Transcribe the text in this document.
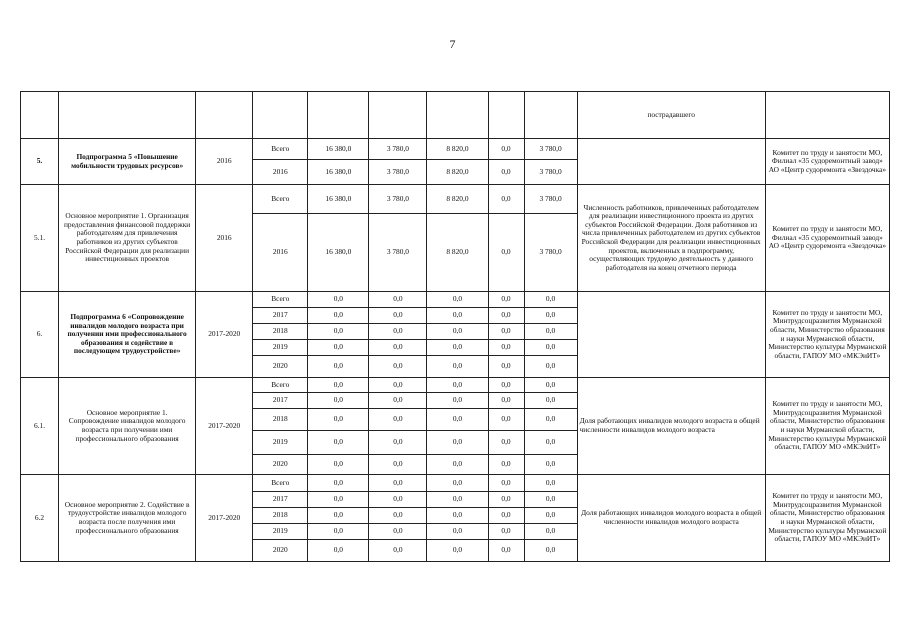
7
									пострадавшего	
5.	Подпрограмма 5 «Повышение мобильности трудовых ресурсов»	2016	Всего	16 380,0	3 780,0	8 820,0	0,0	3 780,0		Комитет по труду и занятости МО, Филиал «35 судоремонтный завод» АО «Центр судоремонта «Звездочка»
			2016	16 380,0	3 780,0	8 820,0	0,0	3 780,0		
5.1.	Основное мероприятие 1. Организация предоставления финансовой поддержки работодателям для привлечения работников из других субъектов Российской Федерации для реализации инвестиционных проектов	2016	Всего	16 380,0	3 780,0	8 820,0	0,0	3 780,0	Численность работников, привлеченных работодателем для реализации инвестиционного проекта из других субъектов Российской Федерации. Доля работников из числа привлеченных работодателем из других субъектов Российской Федерации для реализации инвестиционных проектов, включенных в подпрограмму, осуществляющих трудовую деятельность у данного работодателя на конец отчетного периода	Комитет по труду и занятости МО, Филиал «35 судоремонтный завод» АО «Центр судоремонта «Звездочка»
			2016	16 380,0	3 780,0	8 820,0	0,0	3 780,0		
6.	Подпрограмма 6 «Сопровождение инвалидов молодого возраста при получении ими профессионального образования и содействие в последующем трудоустройстве»	2017-2020	Всего	0,0	0,0	0,0	0,0	0,0		Комитет по труду и занятости МО, Минтрудсоцразвития Мурманской области, Министерство образования и науки Мурманской области, Министерство культуры Мурманской области, ГАПОУ МО «МКЭиИТ»
			2017	0,0	0,0	0,0	0,0	0,0		
			2018	0,0	0,0	0,0	0,0	0,0		
			2019	0,0	0,0	0,0	0,0	0,0		
			2020	0,0	0,0	0,0	0,0	0,0		
6.1.	Основное мероприятие 1. Сопровождение инвалидов молодого возраста при получении ими профессионального образования	2017-2020	Всего	0,0	0,0	0,0	0,0	0,0	Доля работающих инвалидов молодого возраста в общей численности инвалидов молодого возраста	Комитет по труду и занятости МО, Минтрудсоцразвития Мурманской области, Министерство образования и науки Мурманской области, Министерство культуры Мурманской области, ГАПОУ МО «МКЭиИТ»
			2017	0,0	0,0	0,0	0,0	0,0		
			2018	0,0	0,0	0,0	0,0	0,0		
			2019	0,0	0,0	0,0	0,0	0,0		
			2020	0,0	0,0	0,0	0,0	0,0		
6.2	Основное мероприятие 2. Содействие в трудоустройстве инвалидов молодого возраста после получения ими профессионального образования	2017-2020	Всего	0,0	0,0	0,0	0,0	0,0	Доля работающих инвалидов молодого возраста в общей численности инвалидов молодого возраста	Комитет по труду и занятости МО, Минтрудсоцразвития Мурманской области, Министерство образования и науки Мурманской области, Министерство культуры Мурманской области, ГАПОУ МО «МКЭиИТ»
			2017	0,0	0,0	0,0	0,0	0,0		
			2018	0,0	0,0	0,0	0,0	0,0		
			2019	0,0	0,0	0,0	0,0	0,0		
			2020	0,0	0,0	0,0	0,0	0,0		
